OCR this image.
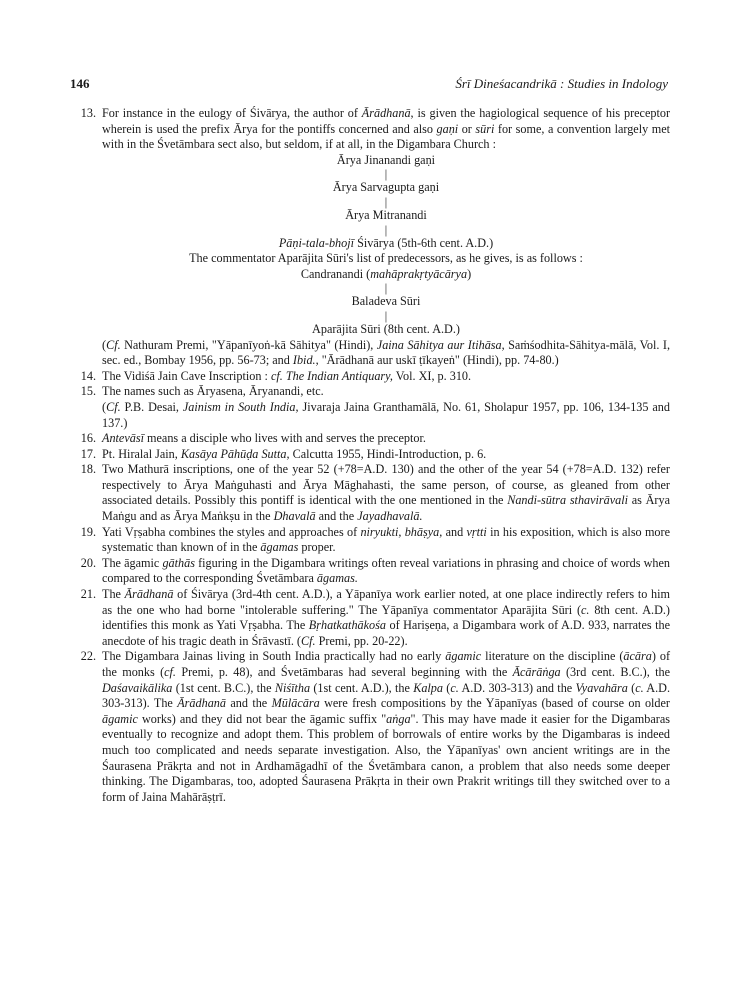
146	Śrī Dineśacandrikā : Studies in Indology
13. For instance in the eulogy of Śivārya, the author of Ārādhanā, is given the hagiological sequence of his preceptor wherein is used the prefix Ārya for the pontiffs concerned and also gaṇi or sūri for some, a convention largely met with in the Śvetāmbara sect also, but seldom, if at all, in the Digambara Church :
Ārya Jinanandi gaṇi
|
Ārya Sarvagupta gaṇi
|
Ārya Mitranandi
|
Pāṇi-tala-bhojī Śivārya (5th-6th cent. A.D.)
The commentator Aparājita Sūri's list of predecessors, as he gives, is as follows :
Candranandi (mahāprakṛtyācārya)
|
Baladeva Sūri
|
Aparājita Sūri (8th cent. A.D.)
(Cf. Nathuram Premi, "Yāpanīyoṅ-kā Sāhitya" (Hindi), Jaina Sāhitya aur Itihāsa, Saṁśodhita-Sāhitya-mālā, Vol. I, sec. ed., Bombay 1956, pp. 56-73; and Ibid., "Ārādhanā aur uskī ṭīkayeṅ" (Hindi), pp. 74-80.)
14. The Vidiśā Jain Cave Inscription : cf. The Indian Antiquary, Vol. XI, p. 310.
15. The names such as Āryasena, Āryanandi, etc.
(Cf. P.B. Desai, Jainism in South India, Jivaraja Jaina Granthamālā, No. 61, Sholapur 1957, pp. 106, 134-135 and 137.)
16. Antevāsī means a disciple who lives with and serves the preceptor.
17. Pt. Hiralal Jain, Kasāya Pāhūḍa Sutta, Calcutta 1955, Hindi-Introduction, p. 6.
18. Two Mathurā inscriptions, one of the year 52 (+78=A.D. 130) and the other of the year 54 (+78=A.D. 132) refer respectively to Ārya Maṅguhasti and Ārya Māghahasti, the same person, of course, as gleaned from other associated details. Possibly this pontiff is identical with the one mentioned in the Nandi-sūtra sthavirāvali as Ārya Maṅgu and as Ārya Maṅkṣu in the Dhavalā and the Jayadhavalā.
19. Yati Vṛṣabha combines the styles and approaches of niryukti, bhāṣya, and vṛtti in his exposition, which is also more systematic than known of in the āgamas proper.
20. The āgamic gāthās figuring in the Digambara writings often reveal variations in phrasing and choice of words when compared to the corresponding Śvetāmbara āgamas.
21. The Ārādhanā of Śivārya (3rd-4th cent. A.D.), a Yāpanīya work earlier noted, at one place indirectly refers to him as the one who had borne "intolerable suffering." The Yāpanīya commentator Aparājita Sūri (c. 8th cent. A.D.) identifies this monk as Yati Vṛṣabha. The Bṛhatkathākośa of Hariṣeṇa, a Digambara work of A.D. 933, narrates the anecdote of his tragic death in Śrāvastī. (Cf. Premi, pp. 20-22).
22. The Digambara Jainas living in South India practically had no early āgamic literature on the discipline (ācāra) of the monks (cf. Premi, p. 48), and Śvetāmbaras had several beginning with the Ācārāṅga (3rd cent. B.C.), the Daśavaikālika (1st cent. B.C.), the Niśītha (1st cent. A.D.), the Kalpa (c. A.D. 303-313) and the Vyavahāra (c. A.D. 303-313). The Ārādhanā and the Mūlācāra were fresh compositions by the Yāpanīyas (based of course on older āgamic works) and they did not bear the āgamic suffix "aṅga". This may have made it easier for the Digambaras eventually to recognize and adopt them. This problem of borrowals of entire works by the Digambaras is indeed much too complicated and needs separate investigation. Also, the Yāpanīyas' own ancient writings are in the Śaurasena Prākṛta and not in Ardhamāgadhī of the Śvetāmbara canon, a problem that also needs some deeper thinking. The Digambaras, too, adopted Śaurasena Prākṛta in their own Prakrit writings till they switched over to a form of Jaina Mahārāṣṭrī.
